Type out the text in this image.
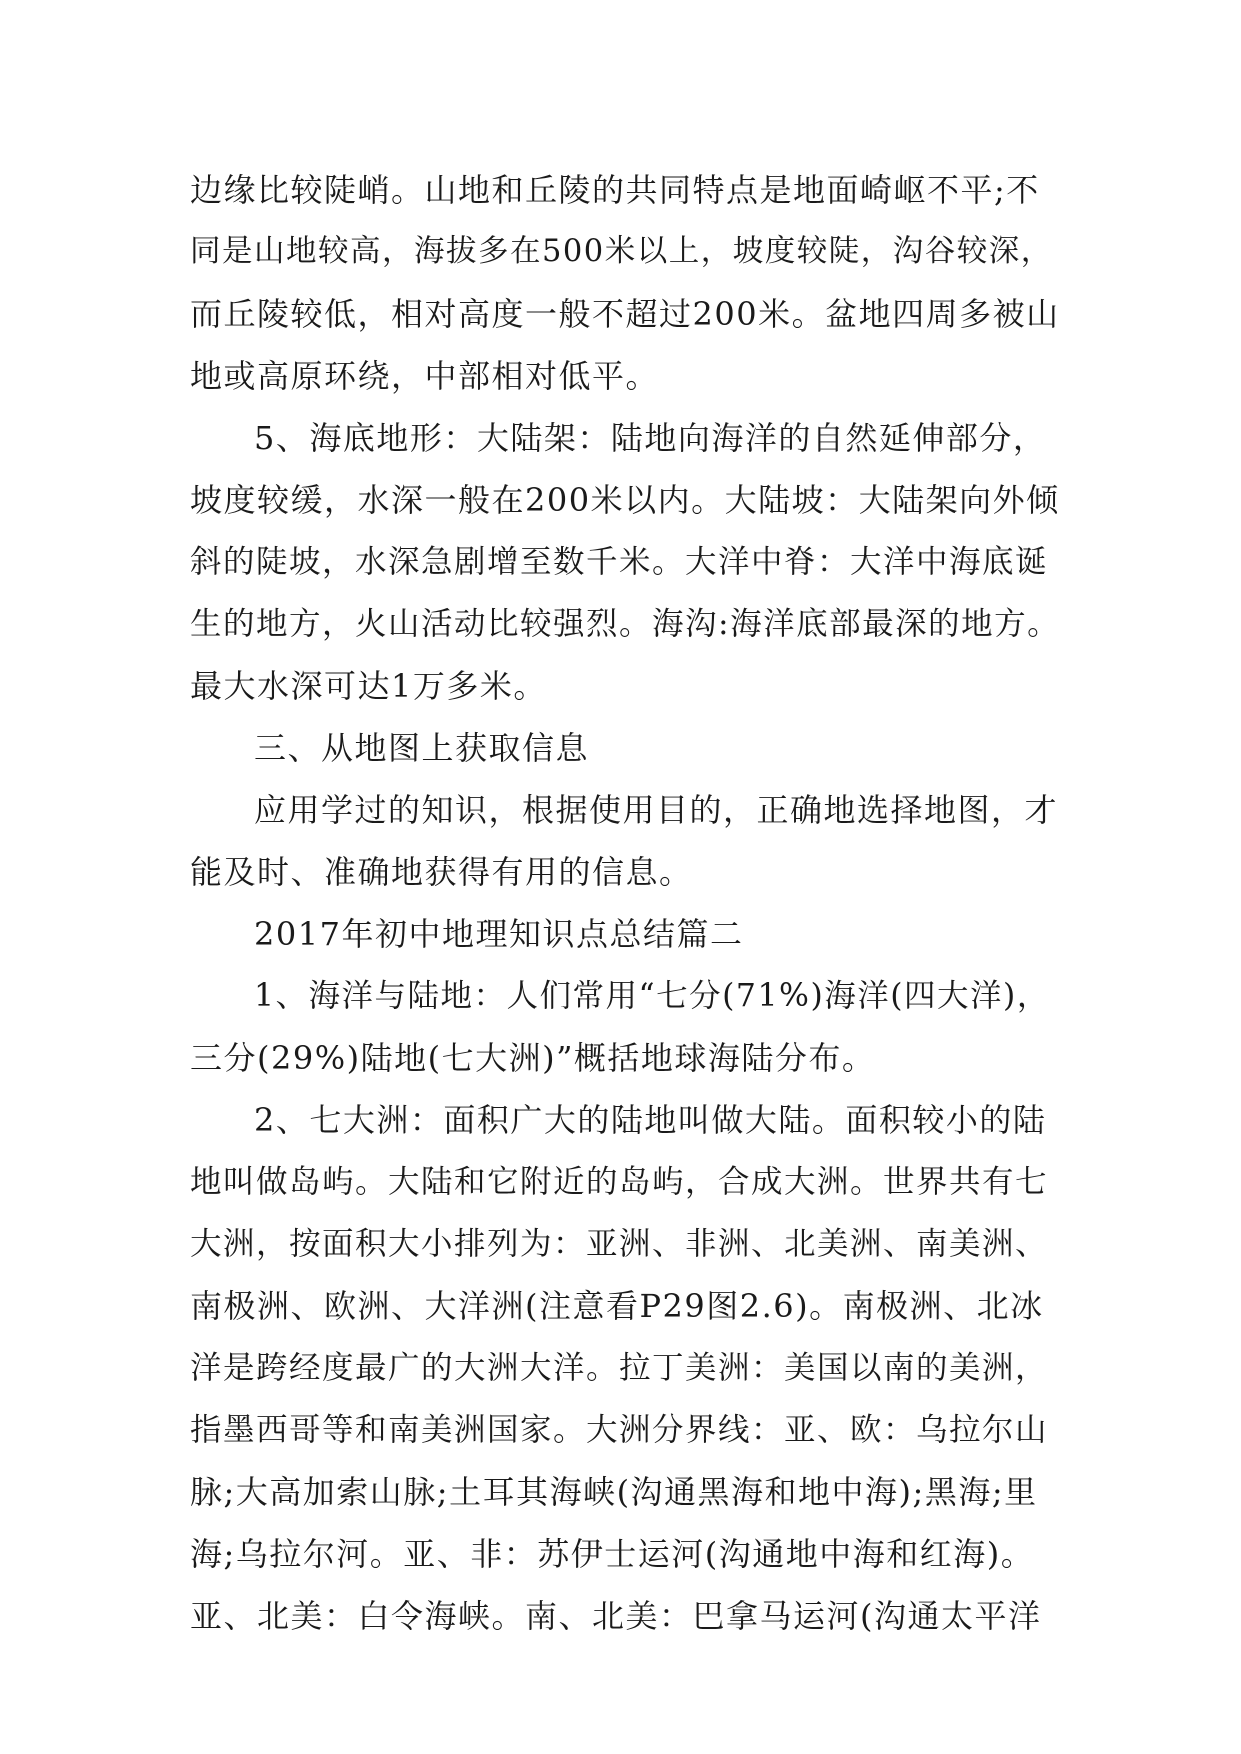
边缘比较陡峭。山地和丘陵的共同特点是地面崎岖不平;不

同是山地较高，海拔多在500米以上，坡度较陡，沟谷较深，

而丘陵较低，相对高度一般不超过200米。盆地四周多被山

地或高原环绕，中部相对低平。

5、海底地形：大陆架：陆地向海洋的自然延伸部分，

坡度较缓，水深一般在200米以内。大陆坡：大陆架向外倾

斜的陡坡，水深急剧增至数千米。大洋中脊：大洋中海底诞

生的地方，火山活动比较强烈。海沟:海洋底部最深的地方。

最大水深可达1万多米。

三、从地图上获取信息

应用学过的知识，根据使用目的，正确地选择地图，才

能及时、准确地获得有用的信息。

2017年初中地理知识点总结篇二

1、海洋与陆地：人们常用“七分(71%)海洋(四大洋)，

三分(29%)陆地(七大洲)”概括地球海陆分布。

2、七大洲：面积广大的陆地叫做大陆。面积较小的陆

地叫做岛屿。大陆和它附近的岛屿，合成大洲。世界共有七

大洲，按面积大小排列为：亚洲、非洲、北美洲、南美洲、

南极洲、欧洲、大洋洲(注意看P29图2.6)。南极洲、北冰

洋是跨经度最广的大洲大洋。拉丁美洲：美国以南的美洲，

指墨西哥等和南美洲国家。大洲分界线：亚、欧：乌拉尔山

脉;大高加索山脉;土耳其海峡(沟通黑海和地中海);黑海;里

海;乌拉尔河。亚、非：苏伊士运河(沟通地中海和红海)。

亚、北美：白令海峡。南、北美：巴拿马运河(沟通太平洋
